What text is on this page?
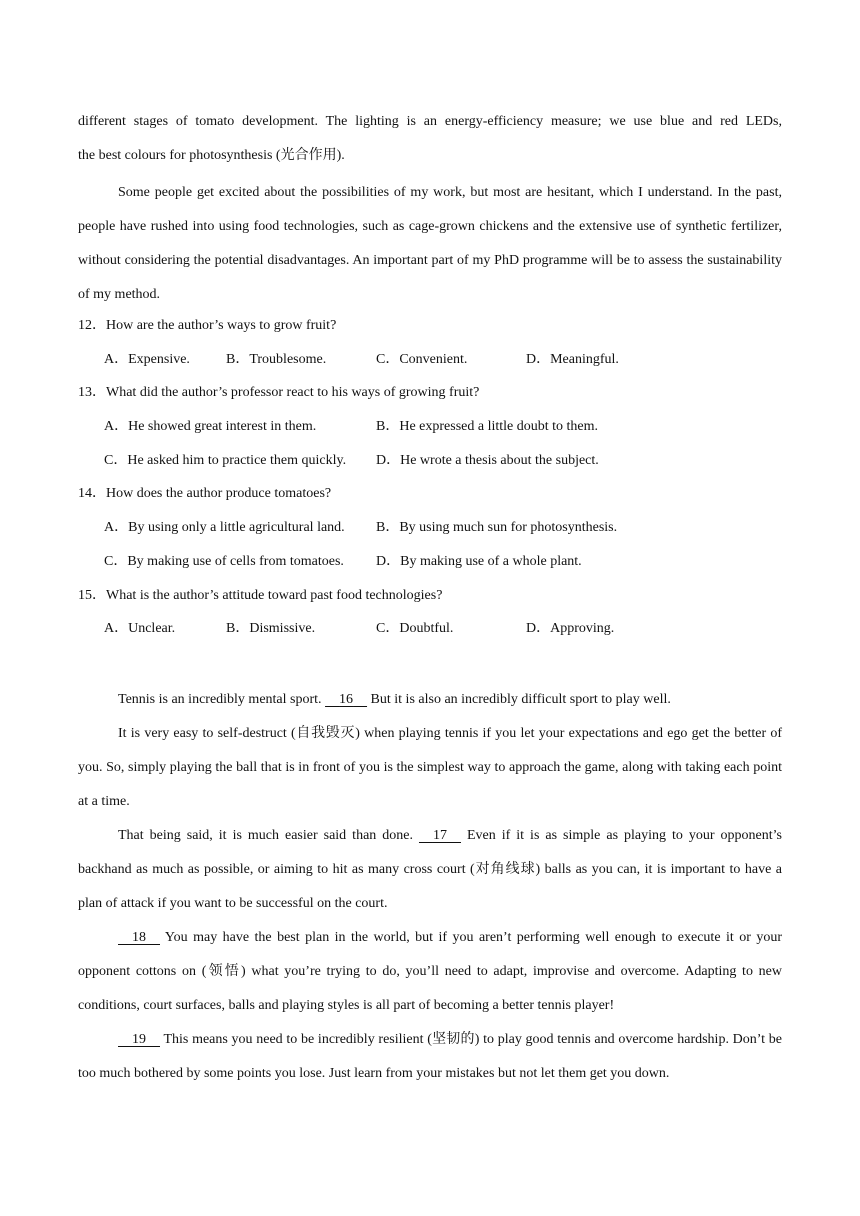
different stages of tomato development. The lighting is an energy-efficiency measure; we use blue and red LEDs,
the best colours for photosynthesis (光合作用).
Some people get excited about the possibilities of my work, but most are hesitant, which I understand. In the past, people have rushed into using food technologies, such as cage-grown chickens and the extensive use of synthetic fertilizer, without considering the potential disadvantages. An important part of my PhD programme will be to assess the sustainability of my method.
12．How are the author’s ways to grow fruit?
A．Expensive.	B．Troublesome.	C．Convenient.	D．Meaningful.
13．What did the author’s professor react to his ways of growing fruit?
A．He showed great interest in them.	B．He expressed a little doubt to them.
C．He asked him to practice them quickly. D．He wrote a thesis about the subject.
14．How does the author produce tomatoes?
A．By using only a little agricultural land. B．By using much sun for photosynthesis.
C．By making use of cells from tomatoes. D．By making use of a whole plant.
15．What is the author’s attitude toward past food technologies?
A．Unclear.	B．Dismissive.	C．Doubtful.	D．Approving.
Tennis is an incredibly mental sport.     16     But it is also an incredibly difficult sport to play well.
It is very easy to self-destruct (自我毁灭) when playing tennis if you let your expectations and ego get the better of you. So, simply playing the ball that is in front of you is the simplest way to approach the game, along with taking each point at a time.
That being said, it is much easier said than done.     17     Even if it is as simple as playing to your opponent’s backhand as much as possible, or aiming to hit as many cross court (对角线球) balls as you can, it is important to have a plan of attack if you want to be successful on the court.
18     You may have the best plan in the world, but if you aren’t performing well enough to execute it or your opponent cottons on (领悟) what you’re trying to do, you’ll need to adapt, improvise and overcome. Adapting to new conditions, court surfaces, balls and playing styles is all part of becoming a better tennis player!
19     This means you need to be incredibly resilient (坚韧的) to play good tennis and overcome hardship. Don’t be too much bothered by some points you lose. Just learn from your mistakes but not let them get you down.
